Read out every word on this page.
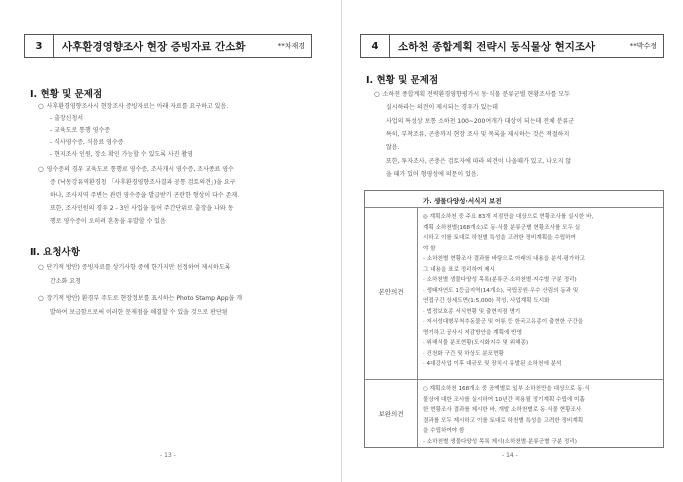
3	사후환경영향조사 현장 증빙자료 간소화	**차재경
Ⅰ. 현황 및 문제점
○ 사후환경영향조사시 현장조사 증빙자료는 아래 자료를 요구하고 있음.
- 출장신청서
- 교육도로 통행 영수증
- 식사영수증, 식음료 영수증
- 현지조사 인원, 장소 확인 가능할 수 있도록 사진 촬영
○ 영수증의 경우 교육도로 통행료 영수증, 조사개시 영수증, 조사종료 영수
증 (낙동강유역환경청 「사후환경영향조사결과 공통 검토의견」)을 요구
하나, 조사지역 주변는 관련 영수증을 발급받기 곤란한 형상이 다수 존재.
또한, 조사인원의 경우 2 - 3인 사업을 들어 주간단위로 출장을 나와 동
행로 영수증이 오히려 혼동을 유발할 수 있음
Ⅱ. 요청사항
○ 단기적 방안) 증빙자료를 상기사항 중에 한가지만 선정하여 제시하도록
간소화 요청
○ 장기적 방안) 환경부 주도로 현장정보를 표시하는 Photo Stamp App을 개
발하여 보급함으로써 이러한 문제점을 해결할 수 있을 것으로 판단됨
- 13 -
4	소하천 종합계획 전략시 동식물상 현지조사	**박수정
Ⅰ. 현황 및 문제점
○ 소하천 종합계획 전략환경영향평가시 동·식물 분류군별 현황조사를 모두
실시하라는 의견이 제시되는 경우가 있는데
사업의 특성상 보통 소하천 100~200여개가 대상이 되는데 전체 분류군
특히, 부착조류, 곤충까지 현장 조사 및 목록을 제시하는 것은 적절하지
않음.
또한, 투자조사, 곤충은 검토자에 따라 의견이 나올때가 있고, 나오지 않
을 때가 있어 형평성에 의문이 있음.
가. 생물다양성·서식지 보전
본안의견
◎ 계획소하천 중 주요 83개 지점만을 대상으로 현황조사를 실시한 바,
계획 소하천별(168개소)로 동·식물 분류군별 현황조사를 모두 실
시하고 이를 토대로 하천별 특성을 고려한 정비계획을 수립하여
야 함
- 소하천별 현황조사 결과를 바탕으로 아래의 내용을 분석·평가하고
그 내용을 표로 정리하여 제시
· 소하천별 생물다양성 목록(분류군·소하천별·지수별 구분 정리)
· 생태자연도 1등급지역(14개소), 국립공원·우수 산림의 동과 및
연접구간 상세도면(1:5,000) 작성, 사업계획 도시화
· 법정보호종 서식현황 및 출현지점 명기
· 저서성대형무척추동물군 및 어류 등 한국고유종이 출현한 구간을
명기하고 공사시 저감방안을 계획에 반영
· 위해식물 분포현황(도시화지수 및 위해종)
· 건천화 구간 및 하상도 분포현황
· 4대강사업 이후 대규모 및 장치시 유발된 소하천에 분석
보완의견
○ 계획소하천 168개소 중 공액별로 일부 소하천만을 대상으로 동·식
물상에 대한 조사를 실시하여 10년간 적용될 정기계획 수립에 미흡
한 현황조사 결과를 제시한 바, 개발 소하천별로 동·식물 현황조사
결과를 모두 제시하고 이를 토대로 하천별 특성을 고려한 정비계획
을 수립하여야 함
- 소하천별 생물다양성 목록 제시(소하천별·분류군별 구분 정리)
- 14 -
